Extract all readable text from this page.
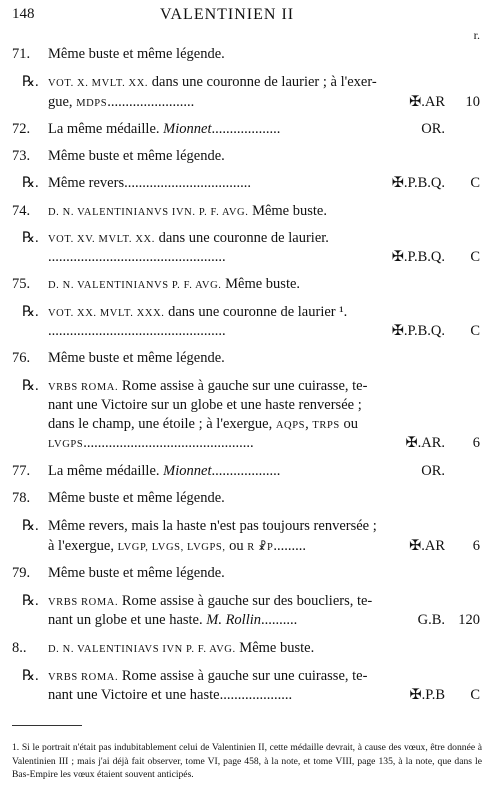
148	VALENTINIEN II
r.
71. Même buste et même légende.
℞. VOT. X. MVLT. XX. dans une couronne de laurier ; à l'exer-
gue, MDPS........................	✠.AR 10
72. La même médaille. Mionnet...................	OR.
73. Même buste et même légende.
℞. Même revers...................................	✠.P.B.Q. C
74. D. N. VALENTINIANVS IVN. P. F. AVG. Même buste.
℞. VOT. XV. MVLT. XX. dans une couronne de laurier.
.................................................	✠.P.B.Q. C
75. D. N. VALENTINIANVS P. F. AVG. Même buste.
℞. VOT. XX. MVLT. XXX. dans une couronne de laurier ¹.
.................................................	✠.P.B.Q. C
76. Même buste et même légende.
℞. VRBS ROMA. Rome assise à gauche sur une cuirasse, te-
nant une Victoire sur un globe et une haste renversée ;
dans le champ, une étoile ; à l'exergue, AQPS, TRPS ou
LVGPS...............................................	✠.AR. 6
77. La même médaille. Mionnet...................	OR.
78. Même buste et même légende.
℞. Même revers, mais la haste n'est pas toujours renversée ;
à l'exergue, LVGP, LVGS, LVGPS, ou R ☧P.........	✠.AR 6
79. Même buste et même légende.
℞. VRBS ROMA. Rome assise à gauche sur des boucliers, te-
nant un globe et une haste. M. Rollin..........	G.B. 120
8.. D. N. VALENTINIAVS IVN P. F. AVG. Même buste.
℞. VRBS ROMA. Rome assise à gauche sur une cuirasse, te-
nant une Victoire et une haste....................	✠.P.B C
1. Si le portrait n'était pas indubitablement celui de Valentinien II, cette médaille devrait, à cause des vœux, être donnée à Valentinien III ; mais j'ai déjà fait observer, tome VI, page 458, à la note, et tome VIII, page 135, à la note, que dans le Bas-Empire les vœux étaient souvent anticipés.
